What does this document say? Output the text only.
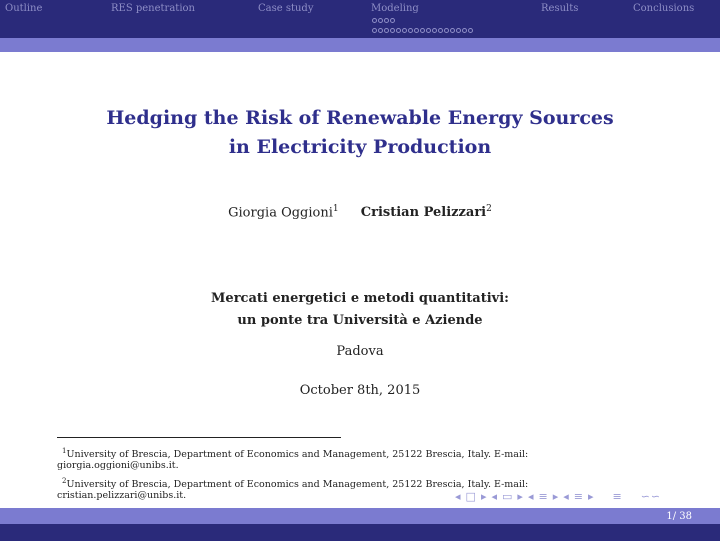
Outline	RES penetration	Case study	Modeling	Results	Conclusions
Hedging the Risk of Renewable Energy Sources
in Electricity Production
Giorgia Oggioni$^1$ Cristian Pelizzari$^2$
Mercati energetici e metodi quantitativi:
un ponte tra Università e Aziende
Padova
October 8th, 2015
$^1$University of Brescia, Department of Economics and Management, 25122 Brescia, Italy. E-mail:
giorgia.oggioni@unibs.it.
$^2$University of Brescia, Department of Economics and Management, 25122 Brescia, Italy. E-mail:
cristian.pelizzari@unibs.it.	◂ □ ▸ ◂ ▭ ▸ ◂ ≡ ▸ ◂ ≡ ▸ ≡ ∽∽
1/ 38
